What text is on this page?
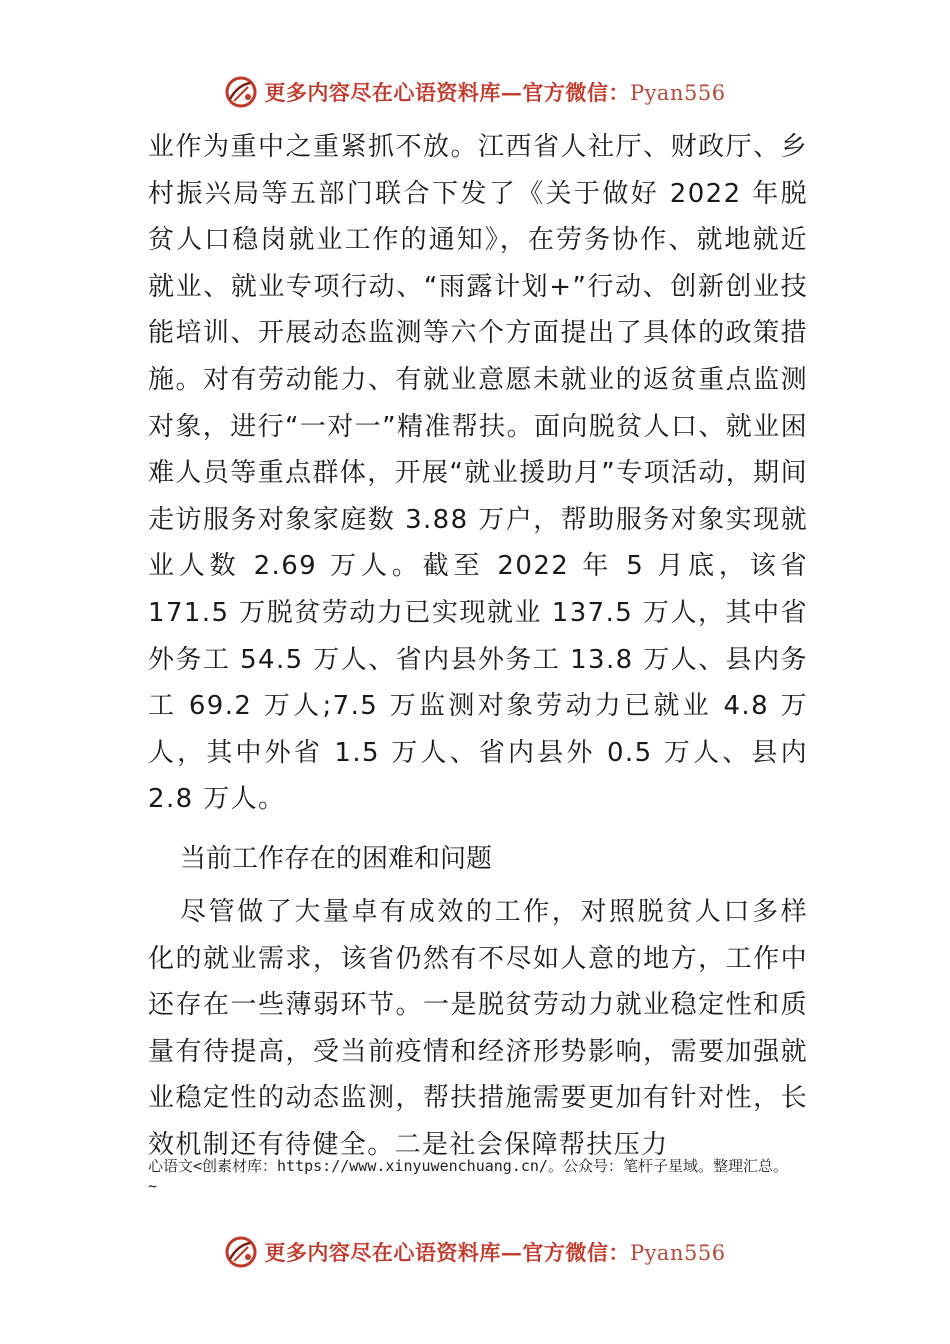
更多内容尽在心语资料库—官方微信：Pyan556

业作为重中之重紧抓不放。江西省人社厅、财政厅、乡村振兴局等五部门联合下发了《关于做好 2022 年脱贫人口稳岗就业工作的通知》，在劳务协作、就地就近就业、就业专项行动、“雨露计划+”行动、创新创业技能培训、开展动态监测等六个方面提出了具体的政策措施。对有劳动能力、有就业意愿未就业的返贫重点监测对象，进行“一对一”精准帮扶。面向脱贫人口、就业困难人员等重点群体，开展“就业援助月”专项活动，期间走访服务对象家庭数 3.88 万户，帮助服务对象实现就业人数 2.69 万人。截至 2022 年 5 月底，该省 171.5 万脱贫劳动力已实现就业 137.5 万人，其中省外务工 54.5 万人、省内县外务工 13.8 万人、县内务工 69.2 万人;7.5 万监测对象劳动力已就业 4.8 万人，其中外省 1.5 万人、省内县外 0.5 万人、县内 2.8 万人。

当前工作存在的困难和问题

尽管做了大量卓有成效的工作，对照脱贫人口多样化的就业需求，该省仍然有不尽如人意的地方，工作中还存在一些薄弱环节。一是脱贫劳动力就业稳定性和质量有待提高，受当前疫情和经济形势影响，需要加强就业稳定性的动态监测，帮扶措施需要更加有针对性，长效机制还有待健全。二是社会保障帮扶压力

心语文<创素材库：https://www.xinyuwenchuang.cn/。公众号：笔杆子星域。整理汇总。
~
更多内容尽在心语资料库—官方微信：Pyan556
